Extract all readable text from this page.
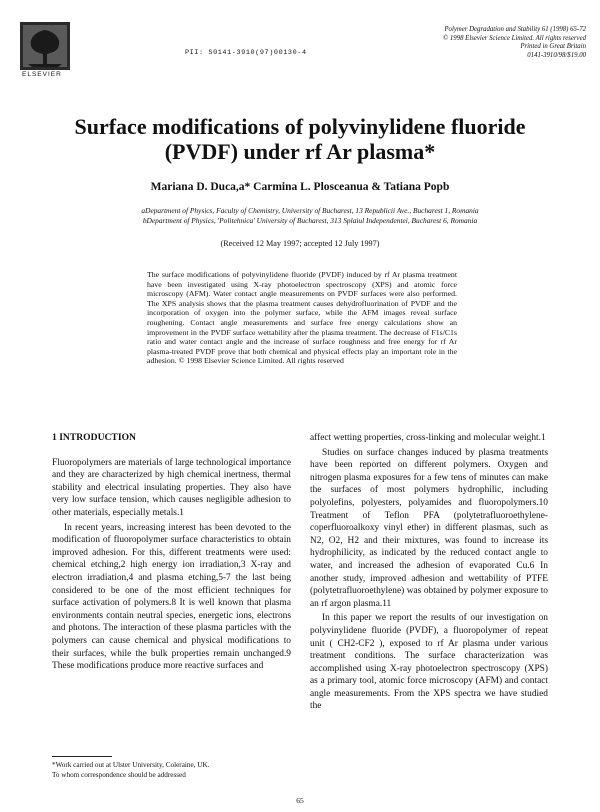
ELSEVIER
PII: S0141-3910(97)00130-4
Polymer Degradation and Stability 61 (1998) 65-72
© 1998 Elsevier Science Limited. All rights reserved
Printed in Great Britain
0141-3910/98/$19.00
Surface modifications of polyvinylidene fluoride
(PVDF) under rf Ar plasma*
Mariana D. Duca,a* Carmina L. Plosceanua & Tatiana Popb
aDepartment of Physics, Faculty of Chemistry, University of Bucharest, 13 Republicii Ave., Bucharest 1, Romania
bDepartment of Physics, 'Politehnica' University of Bucharest, 313 Splaiul Independentei, Bucharest 6, Romania
(Received 12 May 1997; accepted 12 July 1997)
The surface modifications of polyvinylidene fluoride (PVDF) induced by rf Ar plasma treatment have been investigated using X-ray photoelectron spectroscopy (XPS) and atomic force microscopy (AFM). Water contact angle measurements on PVDF surfaces were also performed. The XPS analysis shows that the plasma treatment causes dehydrofluorination of PVDF and the incorporation of oxygen into the polymer surface, while the AFM images reveal surface roughening. Contact angle measurements and surface free energy calculations show an improvement in the PVDF surface wettability after the plasma treatment. The decrease of F1s/C1s ratio and water contact angle and the increase of surface roughness and free energy for rf Ar plasma-treated PVDF prove that both chemical and physical effects play an important role in the adhesion. © 1998 Elsevier Science Limited. All rights reserved
1 INTRODUCTION

Fluoropolymers are materials of large technological importance and they are characterized by high chemical inertness, thermal stability and electrical insulating properties. They also have very low surface tension, which causes negligible adhesion to other materials, especially metals.1

In recent years, increasing interest has been devoted to the modification of fluoropolymer surface characteristics to obtain improved adhesion. For this, different treatments were used: chemical etching,2 high energy ion irradiation,3 X-ray and electron irradiation,4 and plasma etching,5-7 the last being considered to be one of the most efficient techniques for surface activation of polymers.8 It is well known that plasma environments contain neutral species, energetic ions, electrons and photons. The interaction of these plasma particles with the polymers can cause chemical and physical modifications to their surfaces, while the bulk properties remain unchanged.9 These modifications produce more reactive surfaces and

affect wetting properties, cross-linking and molecular weight.1

Studies on surface changes induced by plasma treatments have been reported on different polymers. Oxygen and nitrogen plasma exposures for a few tens of minutes can make the surfaces of most polymers hydrophilic, including polyolefins, polyesters, polyamides and fluoropolymers.10 Treatment of Teflon PFA (polytetrafluoroethylene-coperfluoroalkoxy vinyl ether) in different plasmas, such as N2, O2, H2 and their mixtures, was found to increase its hydrophilicity, as indicated by the reduced contact angle to water, and increased the adhesion of evaporated Cu.6 In another study, improved adhesion and wettability of PTFE (polytetrafluoroethylene) was obtained by polymer exposure to an rf argon plasma.11

In this paper we report the results of our investigation on polyvinylidene fluoride (PVDF), a fluoropolymer of repeat unit ( CH2-CF2 ), exposed to rf Ar plasma under various treatment conditions. The surface characterization was accomplished using X-ray photoelectron spectroscopy (XPS) as a primary tool, atomic force microscopy (AFM) and contact angle measurements. From the XPS spectra we have studied the

*Work carried out at Ulster University, Coleraine, UK.
To whom correspondence should be addressed
65
